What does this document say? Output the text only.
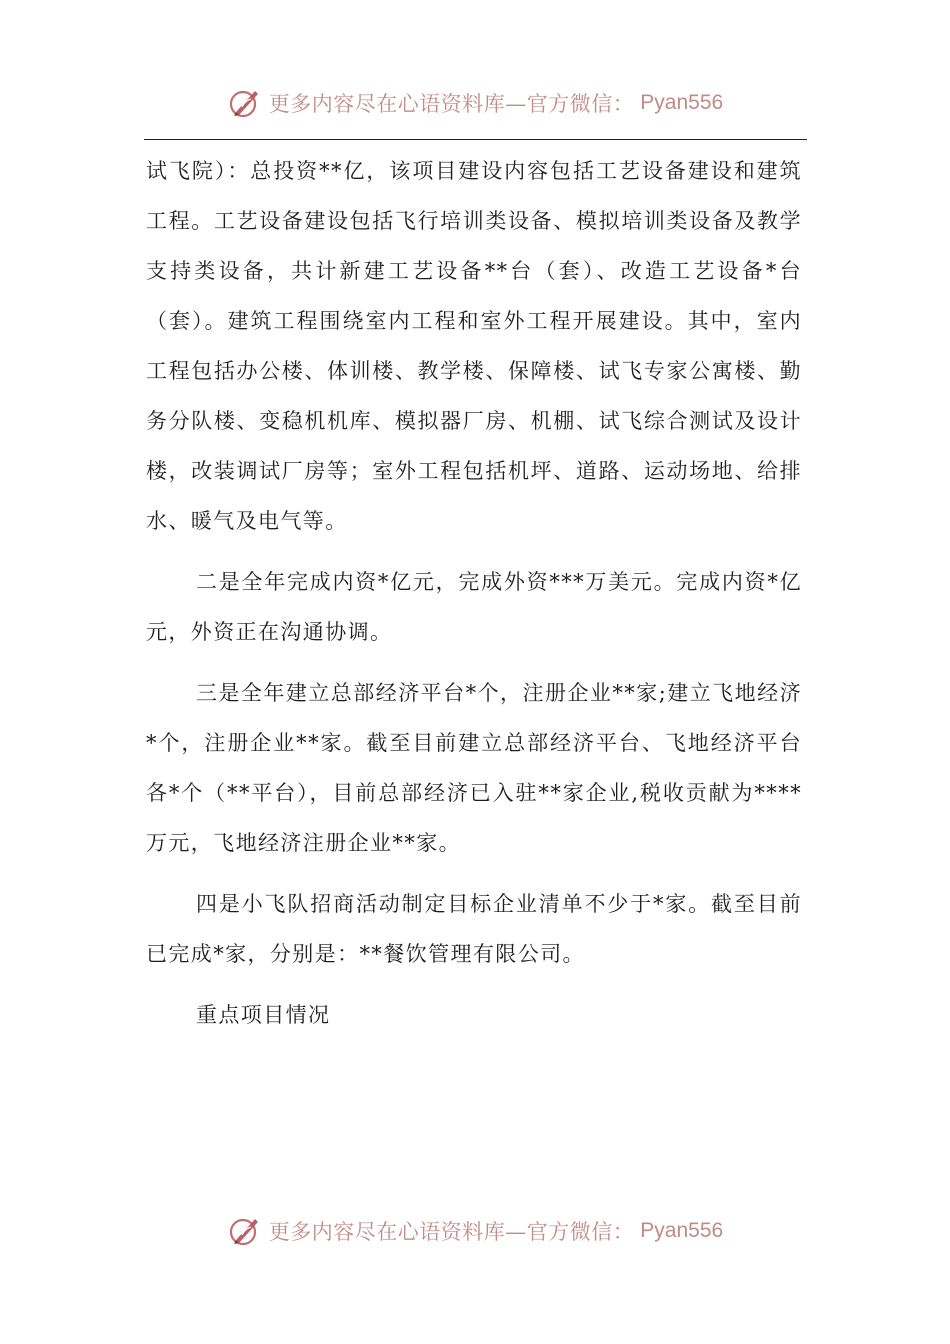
更多内容尽在心语资料库—官方微信： Pyan556

试飞院）：总投资**亿，该项目建设内容包括工艺设备建设和建筑工程。工艺设备建设包括飞行培训类设备、模拟培训类设备及教学支持类设备，共计新建工艺设备**台（套）、改造工艺设备*台（套）。建筑工程围绕室内工程和室外工程开展建设。其中，室内工程包括办公楼、体训楼、教学楼、保障楼、试飞专家公寓楼、勤务分队楼、变稳机机库、模拟器厂房、机棚、试飞综合测试及设计楼，改装调试厂房等；室外工程包括机坪、道路、运动场地、给排水、暖气及电气等。

二是全年完成内资*亿元，完成外资***万美元。完成内资*亿元，外资正在沟通协调。

三是全年建立总部经济平台*个，注册企业**家;建立飞地经济*个，注册企业**家。截至目前建立总部经济平台、飞地经济平台各*个（**平台），目前总部经济已入驻**家企业,税收贡献为****万元，飞地经济注册企业**家。

四是小飞队招商活动制定目标企业清单不少于*家。截至目前已完成*家，分别是：**餐饮管理有限公司。

重点项目情况

更多内容尽在心语资料库—官方微信： Pyan556
